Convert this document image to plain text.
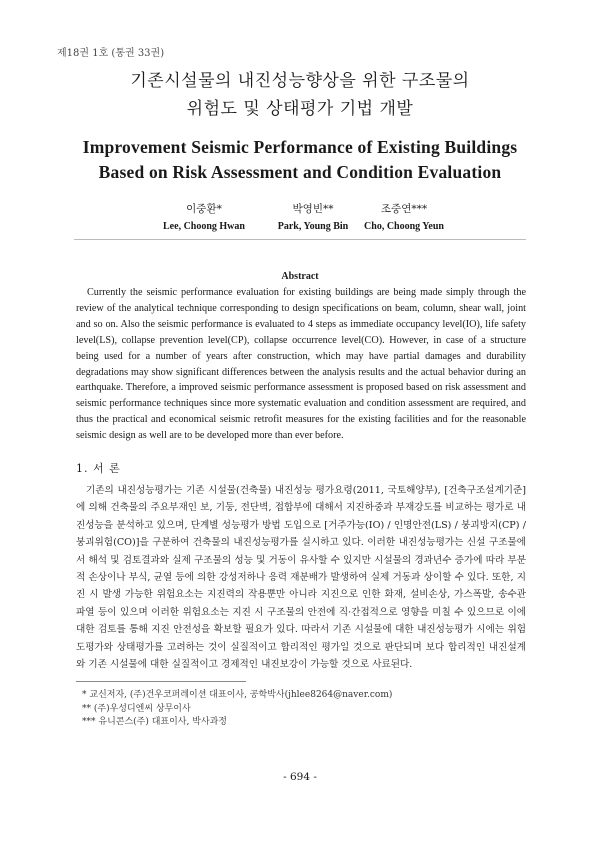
제18권 1호 (통권 33권)
기존시설물의 내진성능향상을 위한 구조물의
위험도 및 상태평가 기법 개발
Improvement Seismic Performance of Existing Buildings
Based on Risk Assessment and Condition Evaluation
이중환*
Lee, Choong Hwan
박영빈**
Park, Young Bin
조중연***
Cho, Choong Yeun
Abstract
Currently the seismic performance evaluation for existing buildings are being made simply through the review of the analytical technique corresponding to design specifications on beam, column, shear wall, joint and so on. Also the seismic performance is evaluated to 4 steps as immediate occupancy level(IO), life safety level(LS), collapse prevention level(CP), collapse occurrence level(CO). However, in case of a structure being used for a number of years after construction, which may have partial damages and durability degradations may show significant differences between the analysis results and the actual behavior during an earthquake. Therefore, a improved seismic performance assessment is proposed based on risk assessment and seismic performance techniques since more systematic evaluation and condition assessment are required, and thus the practical and economical seismic retrofit measures for the existing facilities and for the reasonable seismic design as well are to be developed more than ever before.
1. 서 론
기존의 내진성능평가는 기존 시설물(건축물) 내진성능 평가요령(2011, 국토해양부), [건축구조설계기준]에 의해 건축물의 주요부재인 보, 기둥, 전단벽, 접합부에 대해서 지진하중과 부재강도를 비교하는 평가로 내진성능을 분석하고 있으며, 단계별 성능평가 방법 도입으로 [거주가능(IO) / 인명안전(LS) / 붕괴방지(CP) / 붕괴위험(CO)]을 구분하여 건축물의 내진성능평가를 실시하고 있다. 이러한 내진성능평가는 신설 구조물에서 해석 및 검토결과와 실제 구조물의 성능 및 거동이 유사할 수 있지만 시설물의 경과년수 증가에 따라 부분적 손상이나 부식, 균열 등에 의한 강성저하나 응력 재분배가 발생하여 실제 거동과 상이할 수 있다. 또한, 지진 시 발생 가능한 위험요소는 지진력의 작용뿐만 아니라 지진으로 인한 화재, 설비손상, 가스폭발, 송수관 파열 등이 있으며 이러한 위험요소는 지진 시 구조물의 안전에 직·간접적으로 영향을 미칠 수 있으므로 이에 대한 검토를 통해 지진 안전성을 확보할 필요가 있다. 따라서 기존 시설물에 대한 내진성능평가 시에는 위험도평가와 상태평가를 고려하는 것이 실질적이고 합리적인 평가일 것으로 판단되며 보다 합리적인 내진설계와 기존 시설물에 대한 실질적이고 경제적인 내진보강이 가능할 것으로 사료된다.
* 교신저자, (주)건우코퍼레이션 대표이사, 공학박사(jhlee8264@naver.com)
** (주)우성디엔씨 상무이사
*** 유니콘스(주) 대표이사, 박사과정
- 694 -
